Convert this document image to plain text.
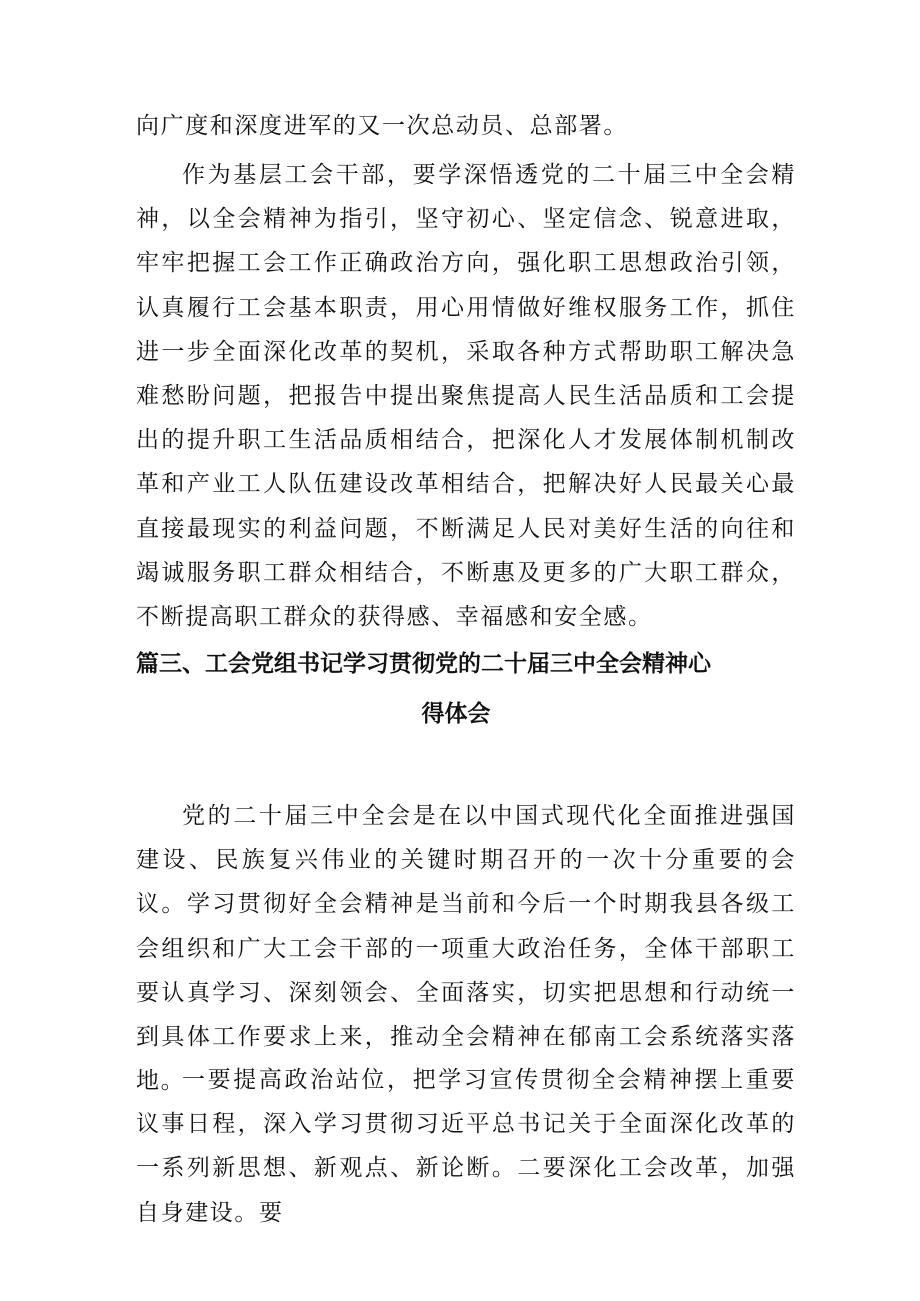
向广度和深度进军的又一次总动员、总部署。

作为基层工会干部，要学深悟透党的二十届三中全会精神，以全会精神为指引，坚守初心、坚定信念、锐意进取，牢牢把握工会工作正确政治方向，强化职工思想政治引领，认真履行工会基本职责，用心用情做好维权服务工作，抓住进一步全面深化改革的契机，采取各种方式帮助职工解决急难愁盼问题，把报告中提出聚焦提高人民生活品质和工会提出的提升职工生活品质相结合，把深化人才发展体制机制改革和产业工人队伍建设改革相结合，把解决好人民最关心最直接最现实的利益问题，不断满足人民对美好生活的向往和竭诚服务职工群众相结合，不断惠及更多的广大职工群众，不断提高职工群众的获得感、幸福感和安全感。

篇三、工会党组书记学习贯彻党的二十届三中全会精神心
得体会

党的二十届三中全会是在以中国式现代化全面推进强国建设、民族复兴伟业的关键时期召开的一次十分重要的会议。学习贯彻好全会精神是当前和今后一个时期我县各级工会组织和广大工会干部的一项重大政治任务，全体干部职工要认真学习、深刻领会、全面落实，切实把思想和行动统一到具体工作要求上来，推动全会精神在郁南工会系统落实落地。

一要提高政治站位，把学习宣传贯彻全会精神摆上重要议事日程，深入学习贯彻习近平总书记关于全面深化改革的一系列新思想、新观点、新论断。二要深化工会改革，加强自身建设。要
